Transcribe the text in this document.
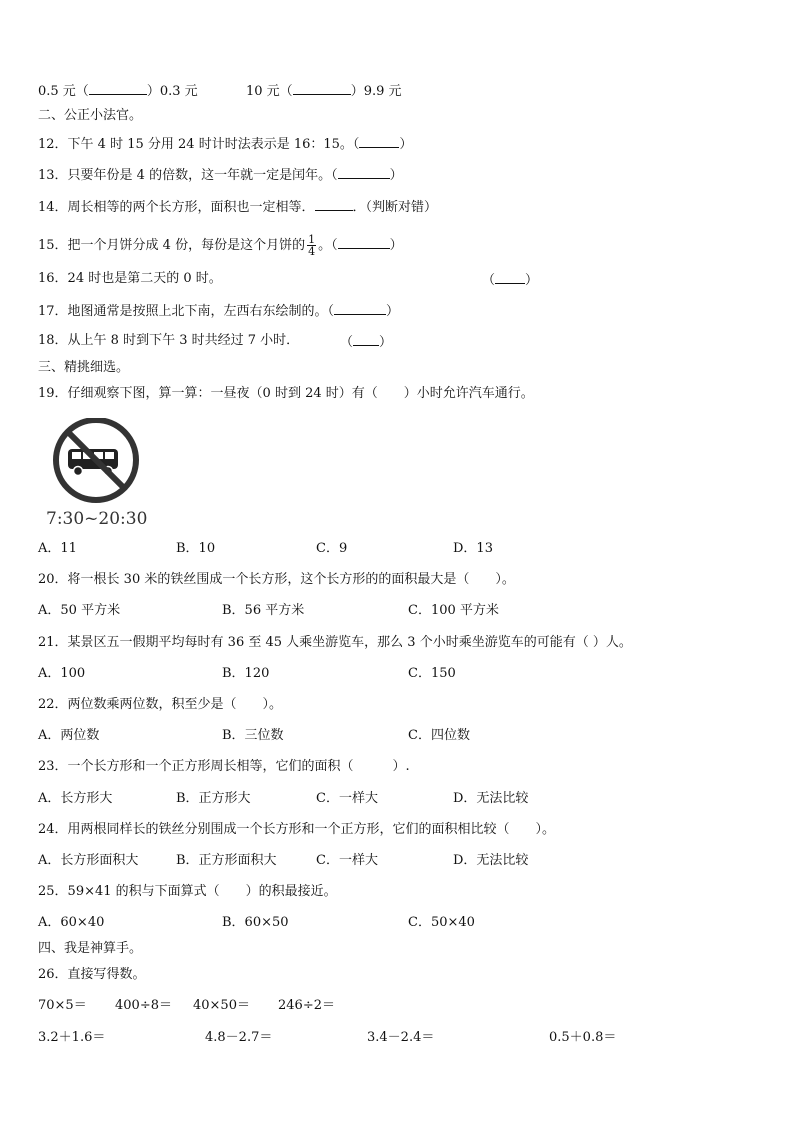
0.5 元（	）0.3 元	10 元（	）9.9 元
二、公正小法官。
12．下午 4 时 15 分用 24 时计时法表示是 16：15。（	）
13．只要年份是 4 的倍数，这一年就一定是闰年。（	）
14．周长相等的两个长方形，面积也一定相等．	．（判断对错）
15．把一个月饼分成 4 份，每份是这个月饼的 $\frac{1}{4}$ 。（	）
16．24 时也是第二天的 0 时。	（ ）
17．地图通常是按照上北下南，左西右东绘制的。（	）
18．从上午 8 时到下午 3 时共经过 7 小时．	（ ）
三、精挑细选。
19．仔细观察下图，算一算：一昼夜（0 时到 24 时）有（　　）小时允许汽车通行。
7:30~20:30
A．11	B．10	C．9	D．13
20．将一根长 30 米的铁丝围成一个长方形，这个长方形的的面积最大是（　　）。
A．50 平方米	B．56 平方米	C．100 平方米
21．某景区五一假期平均每时有 36 至 45 人乘坐游览车，那么 3 个小时乘坐游览车的可能有（ ）人。
A．100	B．120	C．150
22．两位数乘两位数，积至少是（　　）。
A．两位数	B．三位数	C．四位数
23．一个长方形和一个正方形周长相等，它们的面积（　　　）.
A．长方形大	B．正方形大	C．一样大	D．无法比较
24．用两根同样长的铁丝分别围成一个长方形和一个正方形，它们的面积相比较（　　）。
A．长方形面积大	B．正方形面积大	C．一样大	D．无法比较
25．59×41 的积与下面算式（　　）的积最接近。
A．60×40	B．60×50	C．50×40
四、我是神算手。
26．直接写得数。
70×5＝ 400÷8＝ 40×50＝ 246÷2＝
3.2＋1.6＝	4.8－2.7＝	3.4－2.4＝	0.5＋0.8＝
